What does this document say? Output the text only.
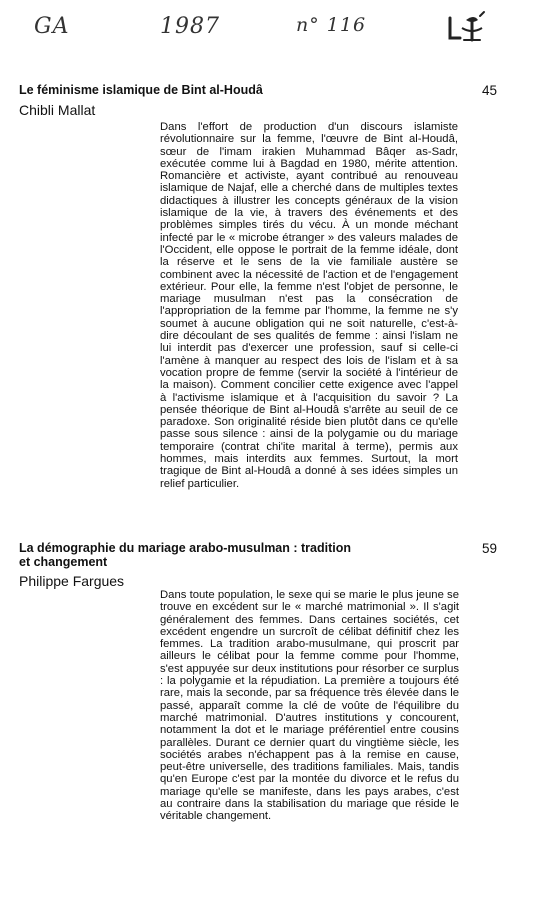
GA	1987	n° 116
Le féminisme islamique de Bint al-Houdâ
Chibli Mallat
45

Dans l'effort de production d'un discours islamiste révolutionnaire sur la femme, l'œuvre de Bint al-Houdâ, sœur de l'imam irakien Muhammad Bâqer as-Sadr, exécutée comme lui à Bagdad en 1980, mérite attention. Romancière et activiste, ayant contribué au renouveau islamique de Najaf, elle a cherché dans de multiples textes didactiques à illustrer les concepts généraux de la vision islamique de la vie, à travers des événements et des problèmes simples tirés du vécu. À un monde méchant infecté par le « microbe étranger » des valeurs malades de l'Occident, elle oppose le portrait de la femme idéale, dont la réserve et le sens de la vie familiale austère se combinent avec la nécessité de l'action et de l'engagement extérieur. Pour elle, la femme n'est l'objet de personne, le mariage musulman n'est pas la consécration de l'appropriation de la femme par l'homme, la femme ne s'y soumet à aucune obligation qui ne soit naturelle, c'est-à-dire découlant de ses qualités de femme : ainsi l'islam ne lui interdit pas d'exercer une profession, sauf si celle-ci l'amène à manquer au respect des lois de l'islam et à sa vocation propre de femme (servir la société à l'intérieur de la maison). Comment concilier cette exigence avec l'appel à l'activisme islamique et à l'acquisition du savoir ? La pensée théorique de Bint al-Houdâ s'arrête au seuil de ce paradoxe. Son originalité réside bien plutôt dans ce qu'elle passe sous silence : ainsi de la polygamie ou du mariage temporaire (contrat chi'ite marital à terme), permis aux hommes, mais interdits aux femmes. Surtout, la mort tragique de Bint al-Houdâ a donné à ses idées simples un relief particulier.

La démographie du mariage arabo-musulman : tradition et changement
Philippe Fargues
59

Dans toute population, le sexe qui se marie le plus jeune se trouve en excédent sur le « marché matrimonial ». Il s'agit généralement des femmes. Dans certaines sociétés, cet excédent engendre un surcroît de célibat définitif chez les femmes. La tradition arabo-musulmane, qui proscrit par ailleurs le célibat pour la femme comme pour l'homme, s'est appuyée sur deux institutions pour résorber ce surplus : la polygamie et la répudiation. La première a toujours été rare, mais la seconde, par sa fréquence très élevée dans le passé, apparaît comme la clé de voûte de l'équilibre du marché matrimonial. D'autres institutions y concourent, notamment la dot et le mariage préférentiel entre cousins parallèles. Durant ce dernier quart du vingtième siècle, les sociétés arabes n'échappent pas à la remise en cause, peut-être universelle, des traditions familiales. Mais, tandis qu'en Europe c'est par la montée du divorce et le refus du mariage qu'elle se manifeste, dans les pays arabes, c'est au contraire dans la stabilisation du mariage que réside le véritable changement.
